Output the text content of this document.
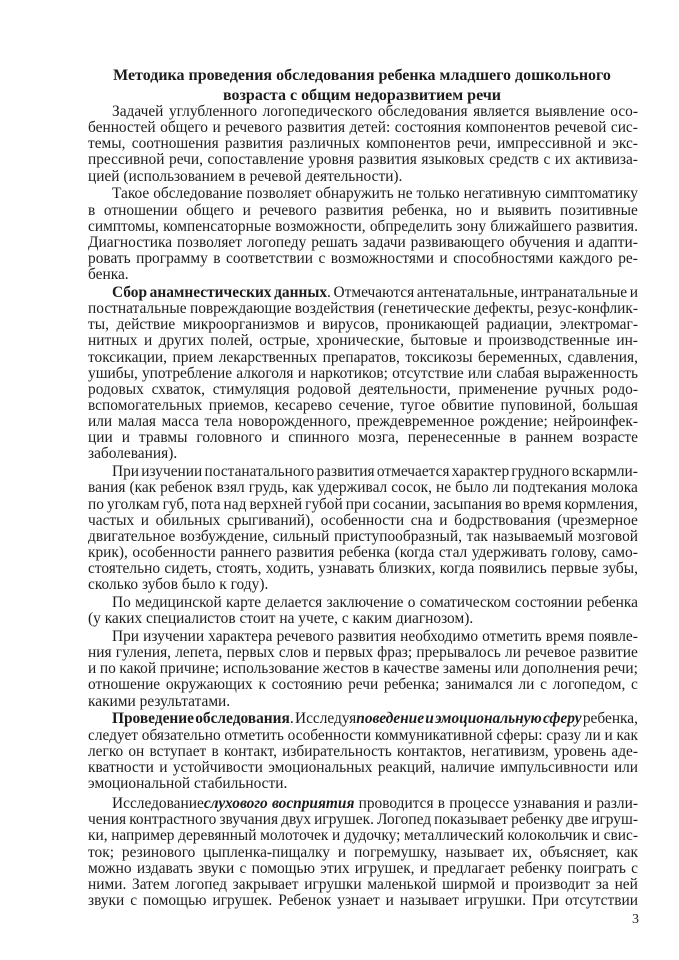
Методика проведения обследования ребенка младшего дошкольного
возраста с общим недоразвитием речи
Задачей углубленного логопедического обследования является выявление осо-
бенностей общего и речевого развития детей: состояния компонентов речевой сис-
темы, соотношения развития различных компонентов речи, импрессивной и экс-
прессивной речи, сопоставление уровня развития языковых средств с их активиза-
цией (использованием в речевой деятельности).
Такое обследование позволяет обнаружить не только негативную симптоматику
в отношении общего и речевого развития ребенка, но и выявить позитивные
симптомы, компенсаторные возможности, обпределить зону ближайшего развития.
Диагностика позволяет логопеду решать задачи развивающего обучения и адапти-
ровать программу в соответствии с возможностями и способностями каждого ре-
бенка.
Сбор анамнестических данных. Отмечаются антенатальные, интранатальные и
постнатальные повреждающие воздействия (генетические дефекты, резус-конфлик-
ты, действие микроорганизмов и вирусов, проникающей радиации, электромаг-
нитных и других полей, острые, хронические, бытовые и производственные ин-
токсикации, прием лекарственных препаратов, токсикозы беременных, сдавления,
ушибы, употребление алкоголя и наркотиков; отсутствие или слабая выраженность
родовых схваток, стимуляция родовой деятельности, применение ручных родо-
вспомогательных приемов, кесарево сечение, тугое обвитие пуповиной, большая
или малая масса тела новорожденного, преждевременное рождение; нейроинфек-
ции и травмы головного и спинного мозга, перенесенные в раннем возрасте
заболевания).
При изучении постанатального развития отмечается характер грудного вскармли-
вания (как ребенок взял грудь, как удерживал сосок, не было ли подтекания молока
по уголкам губ, пота над верхней губой при сосании, засыпания во время кормления,
частых и обильных срыгиваний), особенности сна и бодрствования (чрезмерное
двигательное возбуждение, сильный приступообразный, так называемый мозговой
крик), особенности раннего развития ребенка (когда стал удерживать голову, само-
стоятельно сидеть, стоять, ходить, узнавать близких, когда появились первые зубы,
сколько зубов было к году).
По медицинской карте делается заключение о соматическом состоянии ребенка
(у каких специалистов стоит на учете, с каким диагнозом).
При изучении характера речевого развития необходимо отметить время появле-
ния гуления, лепета, первых слов и первых фраз; прерывалось ли речевое развитие
и по какой причине; использование жестов в качестве замены или дополнения речи;
отношение окружающих к состоянию речи ребенка; занимался ли с логопедом, с
какими результатами.
Проведение обследования. Исследуяповедение и эмоциональную сферу ребенка,
следует обязательно отметить особенности коммуникативной сферы: сразу ли и как
легко он вступает в контакт, избирательность контактов, негативизм, уровень аде-
кватности и устойчивости эмоциональных реакций, наличие импульсивности или
эмоциональной стабильности.
Исследованиеслухового восприятия проводится в процессе узнавания и разли-
чения контрастного звучания двух игрушек. Логопед показывает ребенку две игруш-
ки, например деревянный молоточек и дудочку; металлический колокольчик и свис-
ток; резинового цыпленка-пищалку и погремушку, называет их, объясняет, как
можно издавать звуки с помощью этих игрушек, и предлагает ребенку поиграть с
ними. Затем логопед закрывает игрушки маленькой ширмой и производит за ней
звуки с помощью игрушек. Ребенок узнает и называет игрушки. При отсутствии
3
